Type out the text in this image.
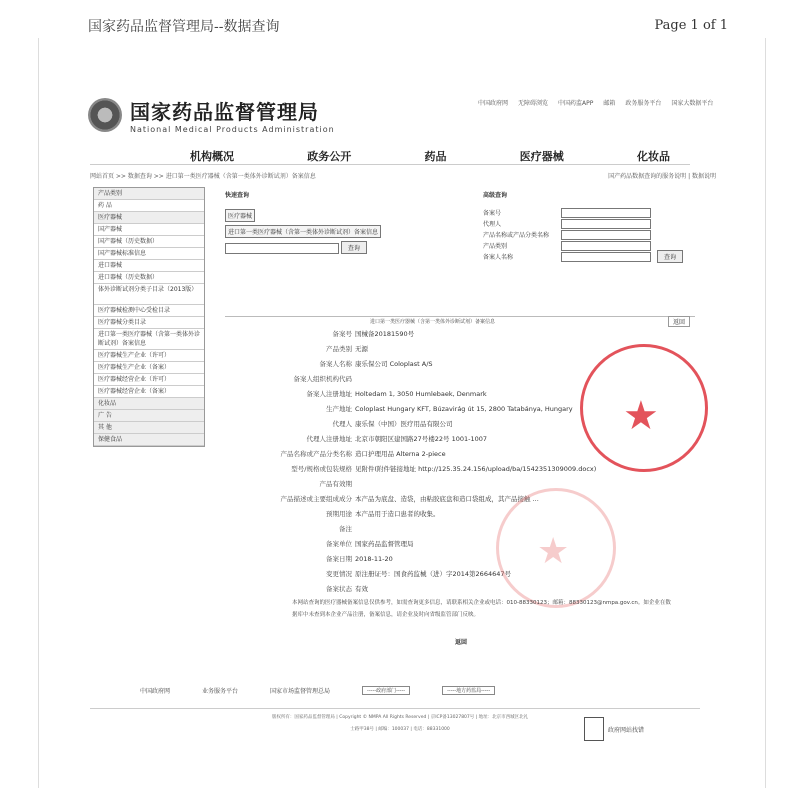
国家药品监督管理局--数据查询	Page 1 of 1
国家药品监督管理局
National Medical Products Administration
中国政府网 无障碍浏览 中国药监APP 邮箱 政务服务平台 国家大数据平台
机构概况	政务公开	药品	医疗器械	化妆品
网站首页 >> 数据查询 >> 进口第一类医疗器械（含第一类体外诊断试剂）备案信息	国产药品数据查询的服务说明 | 数据说明
产品类别
药 品
医疗器械
国产器械
国产器械（历史数据）
国产器械标准信息
进口器械
进口器械（历史数据）
体外诊断试剂分类子目录（2013版）
医疗器械检测中心受检目录
医疗器械分类目录
进口第一类医疗器械（含第一类体外诊断试剂）备案信息
医疗器械生产企业（许可）
医疗器械生产企业（备案）
医疗器械经营企业（许可）
医疗器械经营企业（备案）
化妆品
广 告
其 他
保健食品
快速查询
医疗器械
进口第一类医疗器械（含第一类体外诊断试剂）备案信息
查询
高级查询
备案号
代理人
产品名称或产品分类名称
产品类别
备案人名称	查询
进口第一类医疗器械（含第一类体外诊断试剂）备案信息	返回
备案号 国械备20181590号
产品类别 无源
备案人名称 康乐保公司 Coloplast A/S
备案人组织机构代码
备案人注册地址 Holtedam 1, 3050 Humlebaek, Denmark
生产地址 Coloplast Hungary KFT, Búzavirág út 15, 2800 Tatabánya, Hungary
代理人 康乐保（中国）医疗用品有限公司
代理人注册地址 北京市朝阳区建国路27号楼22号 1001-1007
产品名称或产品分类名称 造口护理用品 Alterna 2-piece
型号/规格或包装规格 见附件(附件链接地址 http://125.35.24.156/upload/ba/1542351309009.docx)
产品有效期
产品描述或主要组成成分 本产品为底盘、造袋，由粘胶底盘和造口袋组成，其产品接触 ...
预期用途 本产品用于造口患者的收集。
备注
备案单位 国家药品监督管理局
备案日期 2018-11-20
变更情况 原注册证号：国食药监械（进）字2014第2664647号
备案状态 有效
★
★
本网站查询的医疗器械备案信息仅供参考，如需查询更多信息，请联系相关企业或电话：010-88330123；邮箱：88330123@nmpa.gov.cn。如企业在数据库中未查到本企业产品注册，备案信息，请企业及时向省级监管部门反映。
返回
中国政府网	业务服务平台	国家市场监督管理总局	-----政府部门-----	-----地方药监局-----
版权所有：国家药品监督管理局 | Copyright © NMPA All Rights Reserved | 京ICP备13027807号 | 地址：北京市西城区北礼士路甲38号 | 邮编：100037 | 电话：88331000	政府网站找错
